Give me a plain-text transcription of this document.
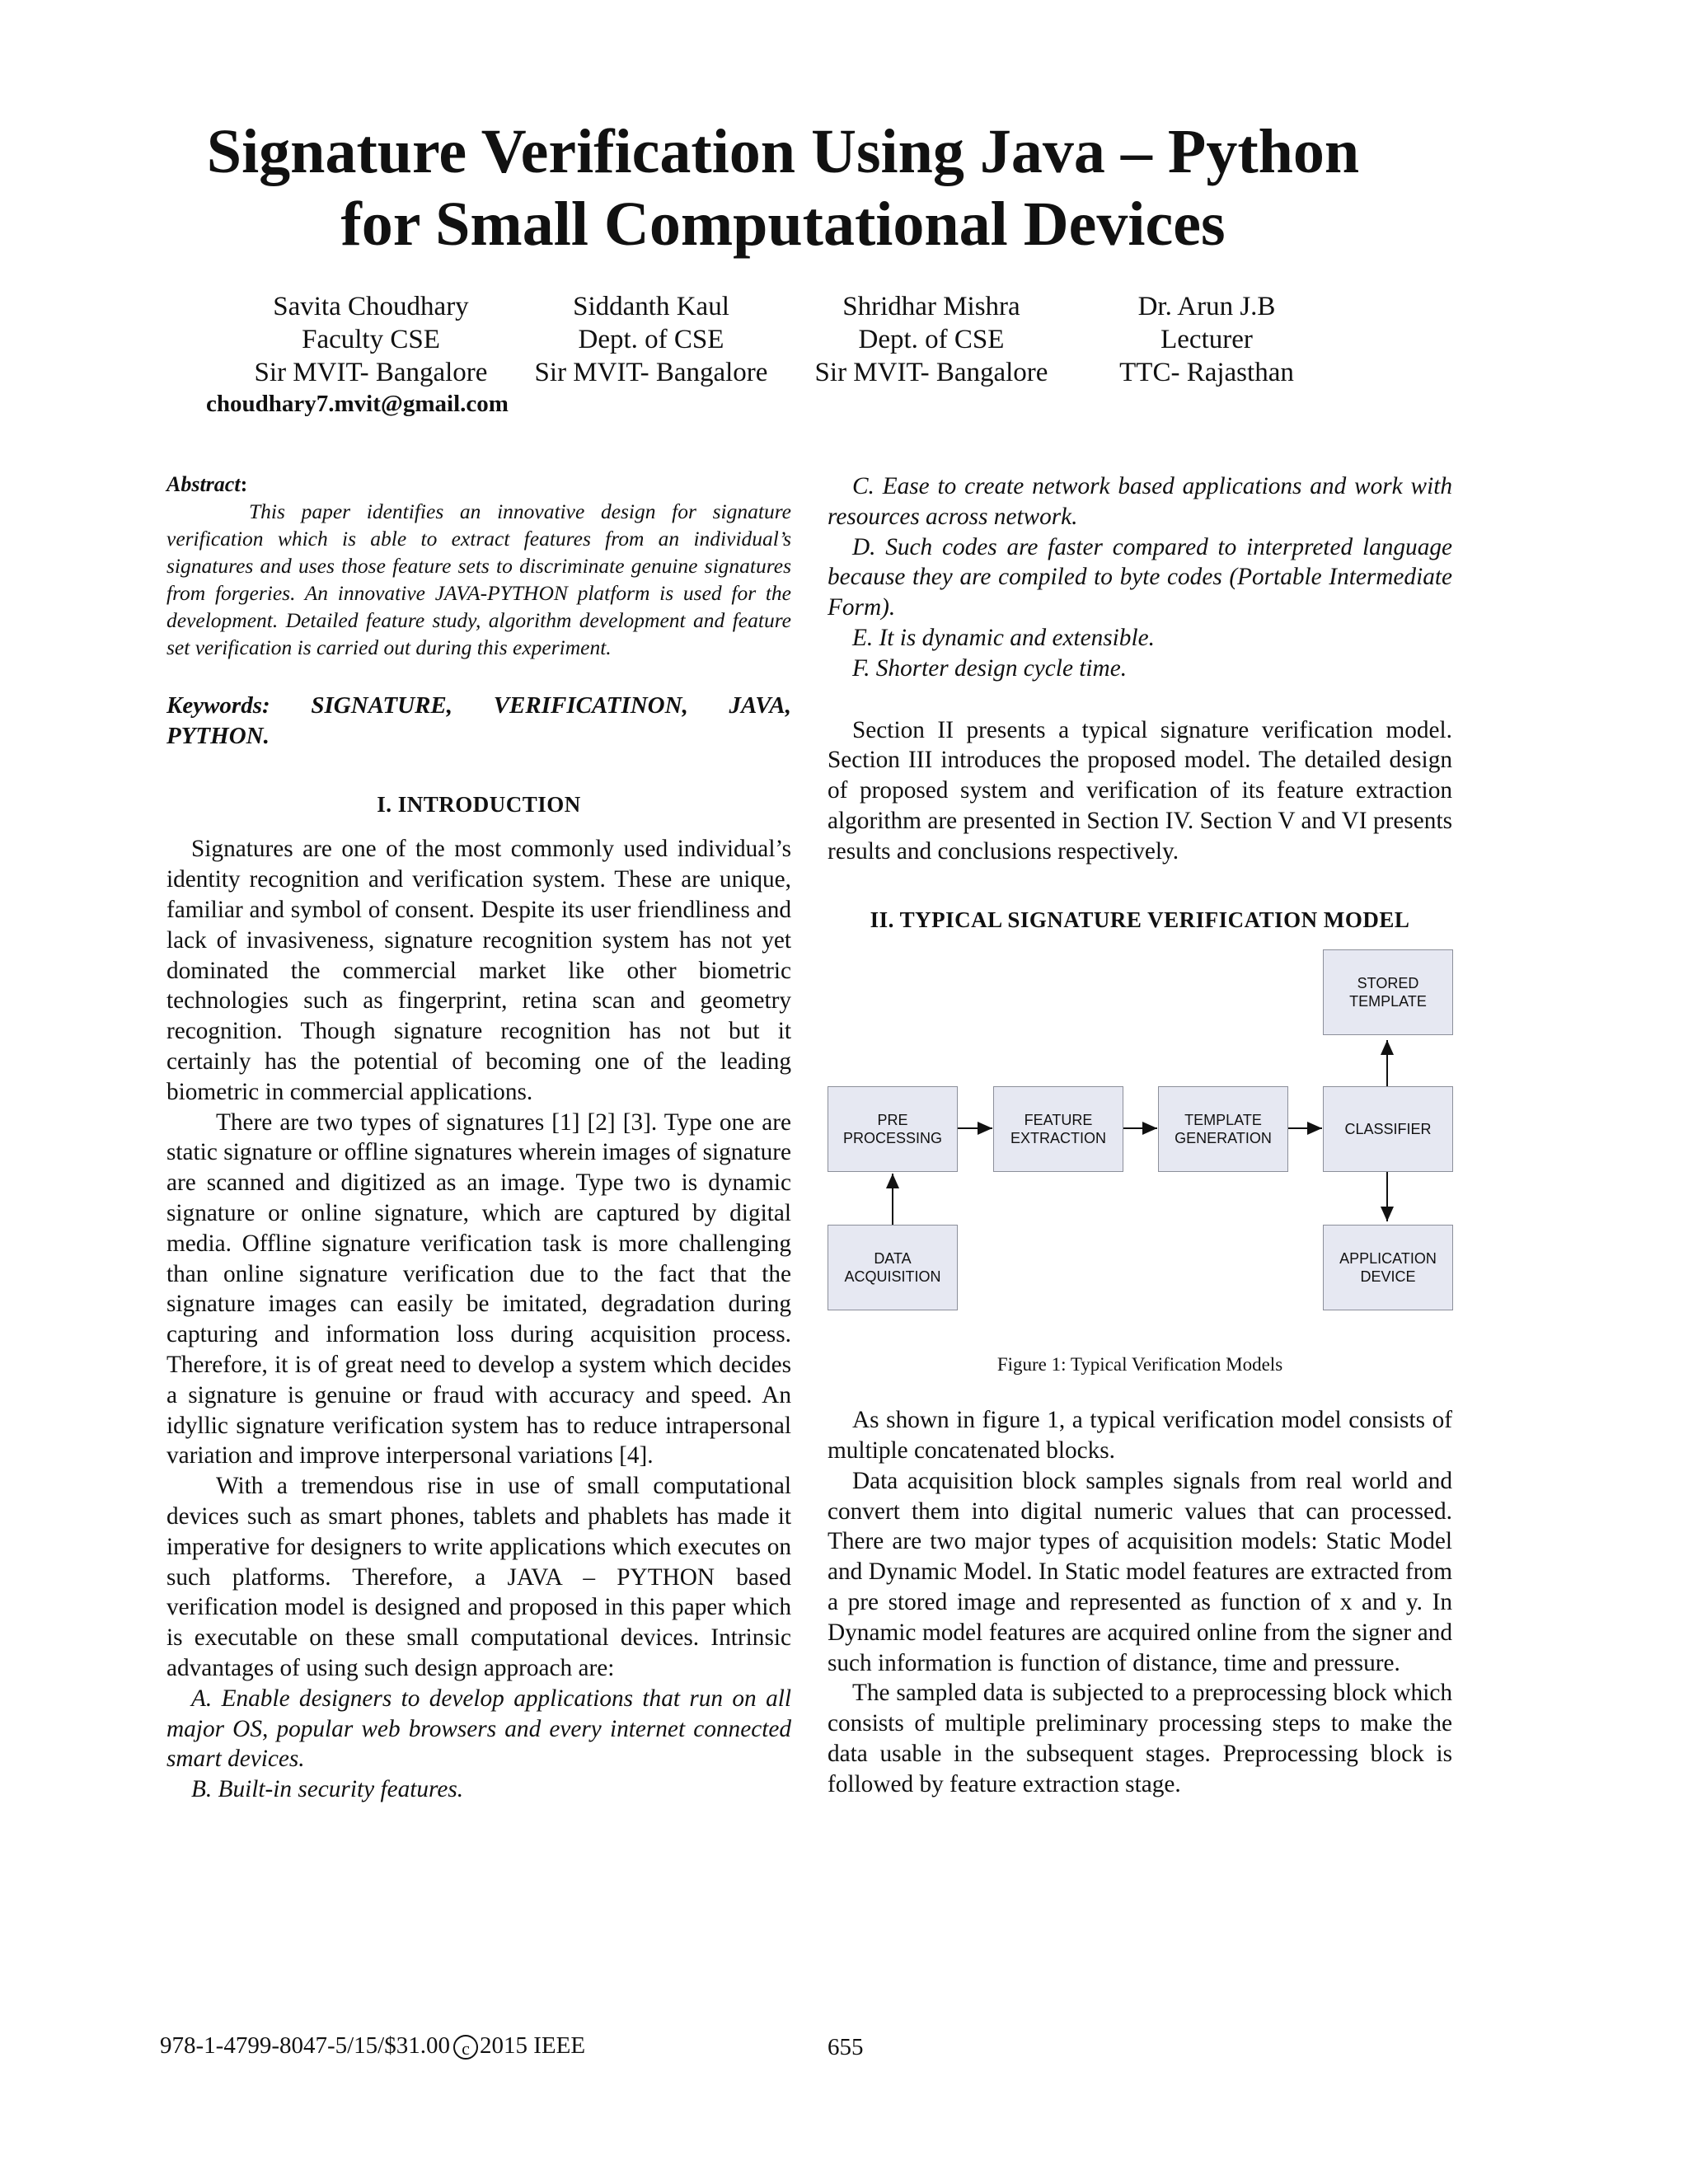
Signature Verification Using Java – Python
for Small Computational Devices
Savita Choudhary
Faculty CSE
Sir MVIT- Bangalore
Siddanth Kaul
Dept. of CSE
Sir MVIT- Bangalore
Shridhar Mishra
Dept. of CSE
Sir MVIT- Bangalore
Dr. Arun J.B
Lecturer
TTC- Rajasthan
choudhary7.mvit@gmail.com

Abstract:

This paper identifies an innovative design for signature verification which is able to extract features from an individual’s signatures and uses those feature sets to discriminate genuine signatures from forgeries. An innovative JAVA-PYTHON platform is used for the development. Detailed feature study, algorithm development and feature set verification is carried out during this experiment.

Keywords: SIGNATURE, VERIFICATINON, JAVA, PYTHON.

I. INTRODUCTION

Signatures are one of the most commonly used individual’s identity recognition and verification system. These are unique, familiar and symbol of consent. Despite its user friendliness and lack of invasiveness, signature recognition system has not yet dominated the commercial market like other biometric technologies such as fingerprint, retina scan and geometry recognition. Though signature recognition has not but it certainly has the potential of becoming one of the leading biometric in commercial applications.

There are two types of signatures [1] [2] [3]. Type one are static signature or offline signatures wherein images of signature are scanned and digitized as an image. Type two is dynamic signature or online signature, which are captured by digital media. Offline signature verification task is more challenging than online signature verification due to the fact that the signature images can easily be imitated, degradation during capturing and information loss during acquisition process. Therefore, it is of great need to develop a system which decides a signature is genuine or fraud with accuracy and speed. An idyllic signature verification system has to reduce intrapersonal variation and improve interpersonal variations [4].

With a tremendous rise in use of small computational devices such as smart phones, tablets and phablets has made it imperative for designers to write applications which executes on such platforms. Therefore, a JAVA – PYTHON based verification model is designed and proposed in this paper which is executable on these small computational devices. Intrinsic advantages of using such design approach are:

A. Enable designers to develop applications that run on all major OS, popular web browsers and every internet connected smart devices.

B. Built-in security features.

C. Ease to create network based applications and work with resources across network.

D. Such codes are faster compared to interpreted language because they are compiled to byte codes (Portable Intermediate Form).

E. It is dynamic and extensible.

F. Shorter design cycle time.

Section II presents a typical signature verification model. Section III introduces the proposed model. The detailed design of proposed system and verification of its feature extraction algorithm are presented in Section IV. Section V and VI presents results and conclusions respectively.

II. TYPICAL SIGNATURE VERIFICATION MODEL

STORED
TEMPLATE
PRE
PROCESSING
FEATURE
EXTRACTION
TEMPLATE
GENERATION
CLASSIFIER
DATA
ACQUISITION
APPLICATION
DEVICE

Figure 1: Typical Verification Models

As shown in figure 1, a typical verification model consists of multiple concatenated blocks.

Data acquisition block samples signals from real world and convert them into digital numeric values that can processed. There are two major types of acquisition models: Static Model and Dynamic Model. In Static model features are extracted from a pre stored image and represented as function of x and y. In Dynamic model features are acquired online from the signer and such information is function of distance, time and pressure.

The sampled data is subjected to a preprocessing block which consists of multiple preliminary processing steps to make the data usable in the subsequent stages. Preprocessing block is followed by feature extraction stage.

978-1-4799-8047-5/15/$31.00 c 2015 IEEE	655
